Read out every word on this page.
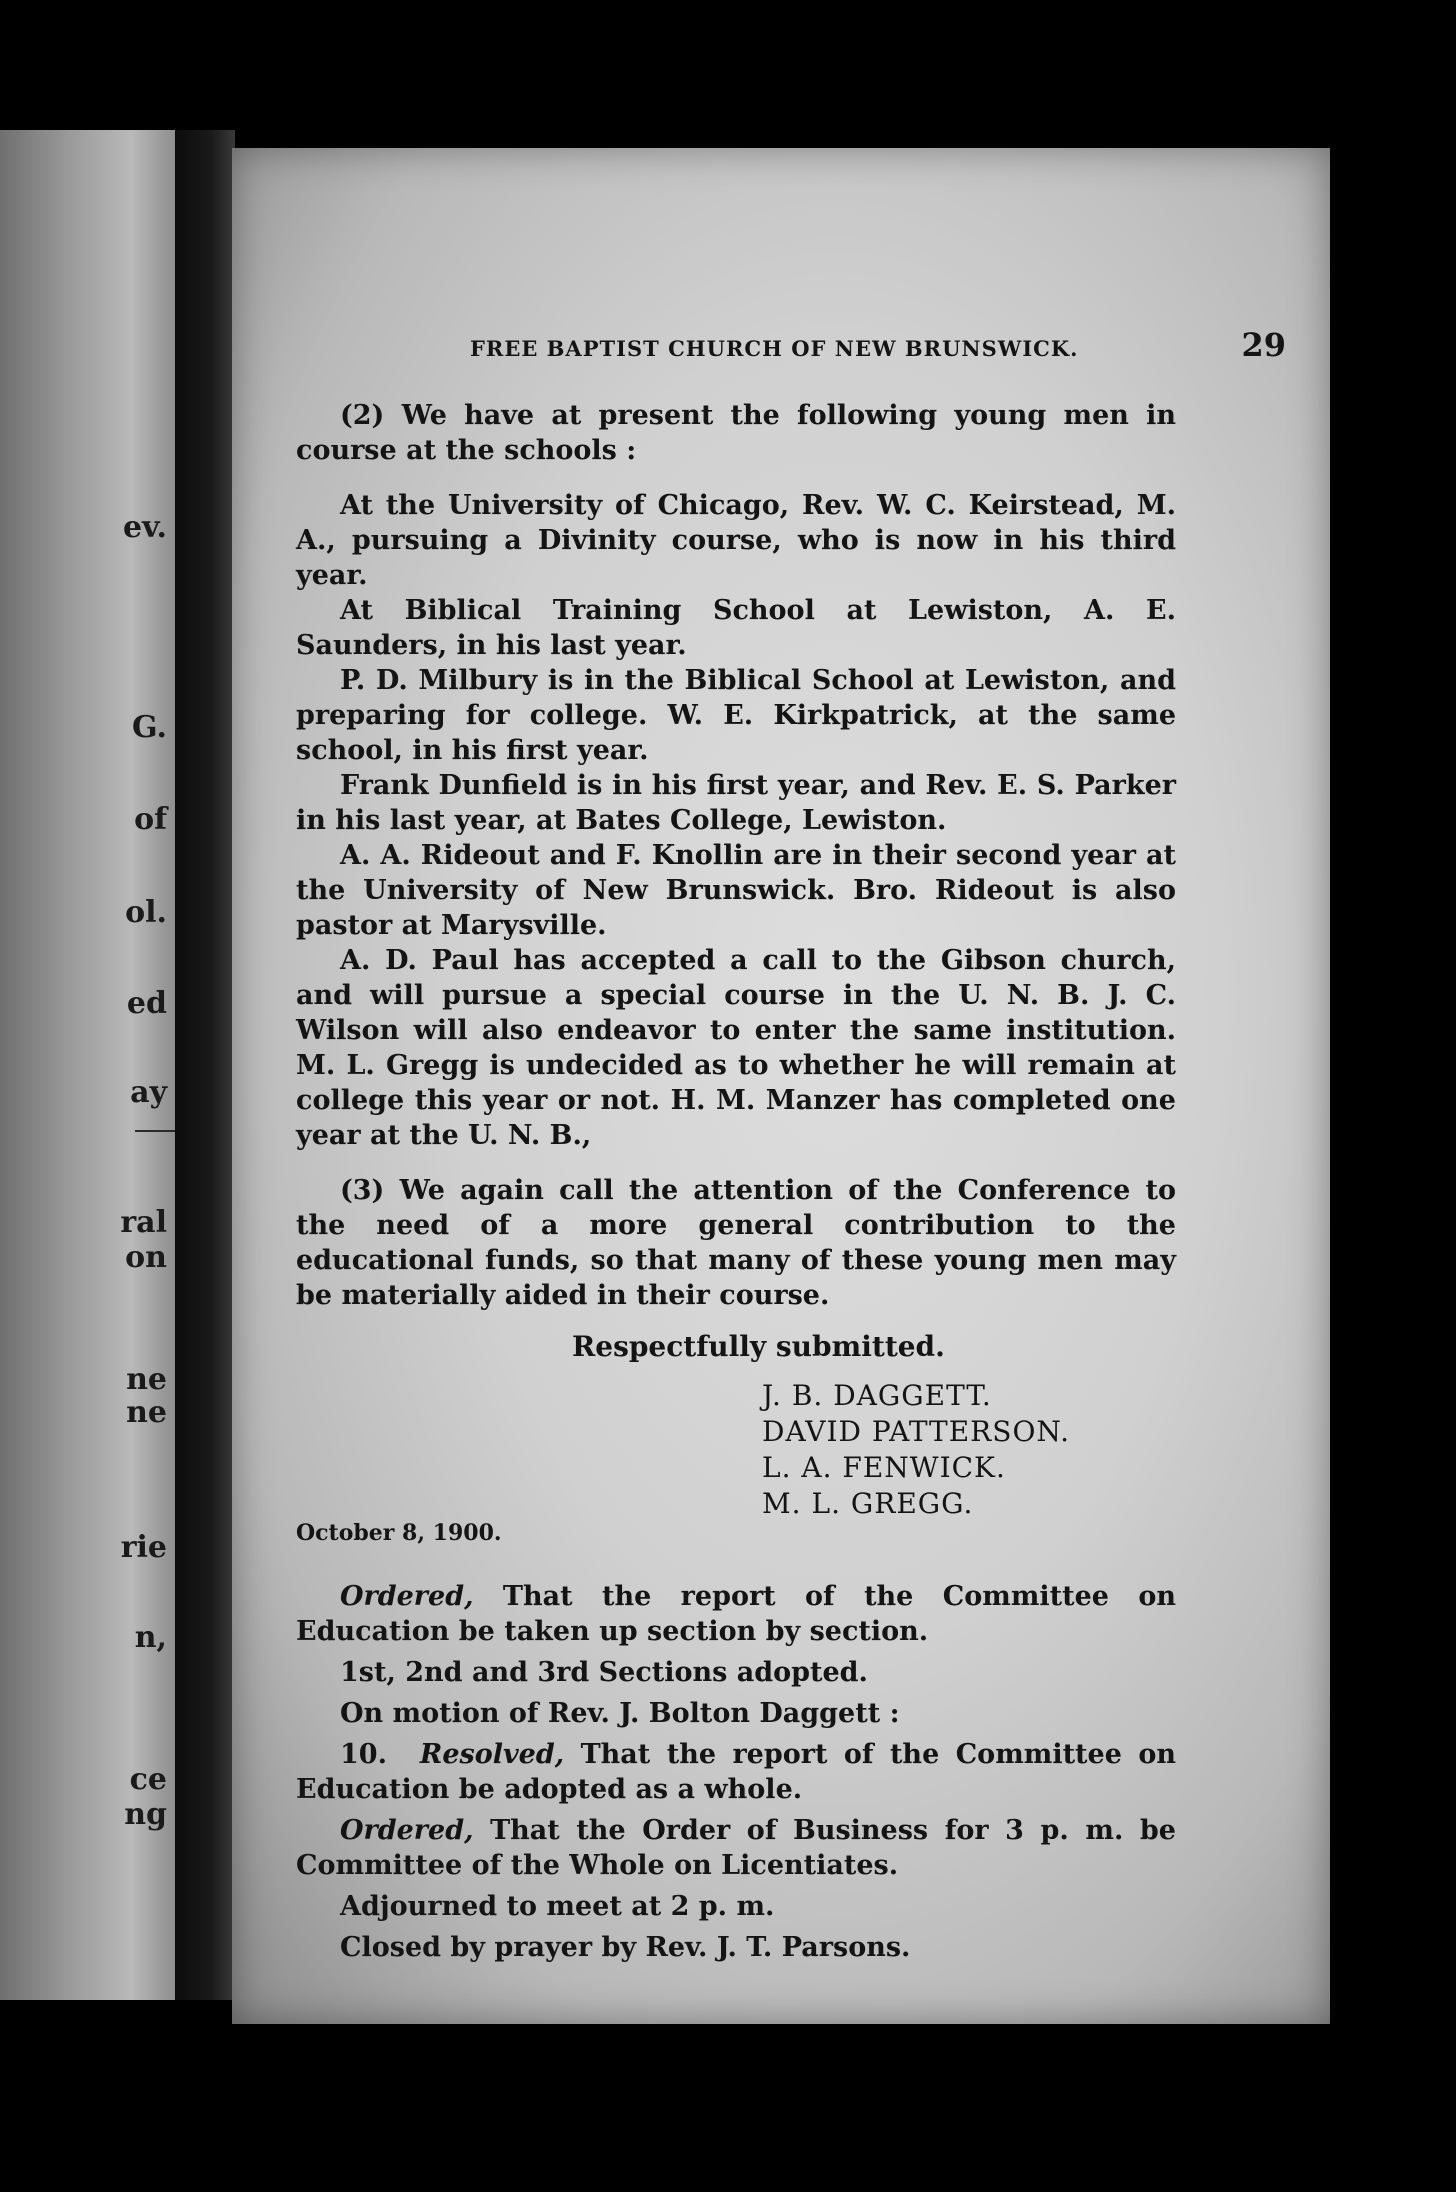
ev.
G.
of
ol.
ed
ay
ral
on
ne
ne
rie
n,
ce
ng
FREE BAPTIST CHURCH OF NEW BRUNSWICK.	29

(2) We have at present the following young men in course at the schools :

At the University of Chicago, Rev. W. C. Keirstead, M. A., pursuing a Divinity course, who is now in his third year.

At Biblical Training School at Lewiston, A. E. Saunders, in his last year.

P. D. Milbury is in the Biblical School at Lewiston, and preparing for college. W. E. Kirkpatrick, at the same school, in his first year.

Frank Dunfield is in his first year, and Rev. E. S. Parker in his last year, at Bates College, Lewiston.

A. A. Rideout and F. Knollin are in their second year at the University of New Brunswick. Bro. Rideout is also pastor at Marysville.

A. D. Paul has accepted a call to the Gibson church, and will pursue a special course in the U. N. B. J. C. Wilson will also endeavor to enter the same institution. M. L. Gregg is undecided as to whether he will remain at college this year or not. H. M. Manzer has completed one year at the U. N. B.,

(3) We again call the attention of the Conference to the need of a more general contribution to the educational funds, so that many of these young men may be materially aided in their course.

Respectfully submitted.
J. B. DAGGETT.
DAVID PATTERSON.
L. A. FENWICK.
M. L. GREGG.
October 8, 1900.

Ordered, That the report of the Committee on Education be taken up section by section.

1st, 2nd and 3rd Sections adopted.

On motion of Rev. J. Bolton Daggett :

10. Resolved, That the report of the Committee on Education be adopted as a whole.

Ordered, That the Order of Business for 3 p. m. be Committee of the Whole on Licentiates.

Adjourned to meet at 2 p. m.

Closed by prayer by Rev. J. T. Parsons.
